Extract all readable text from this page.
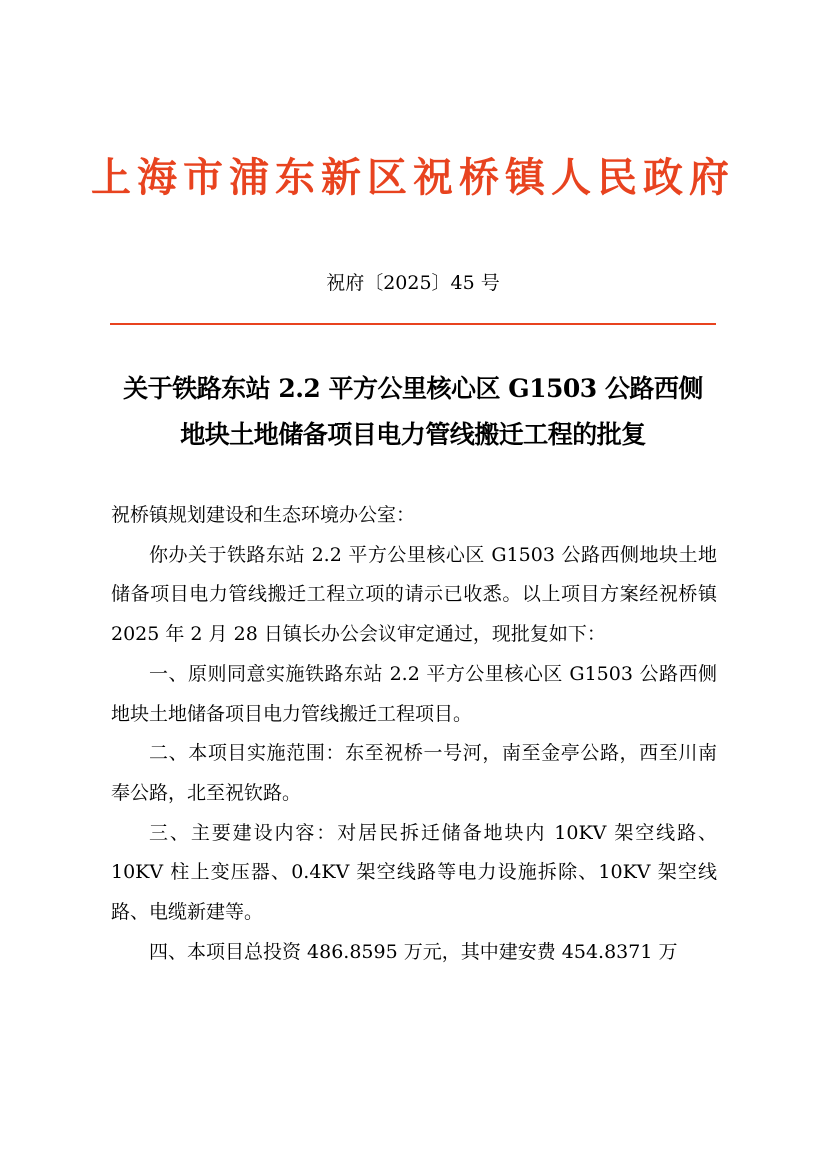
上海市浦东新区祝桥镇人民政府
祝府〔2025〕45 号
关于铁路东站 2.2 平方公里核心区 G1503 公路西侧
地块土地储备项目电力管线搬迁工程的批复

祝桥镇规划建设和生态环境办公室：

你办关于铁路东站 2.2 平方公里核心区 G1503 公路西侧地块土地储备项目电力管线搬迁工程立项的请示已收悉。以上项目方案经祝桥镇 2025 年 2 月 28 日镇长办公会议审定通过，现批复如下：

一、原则同意实施铁路东站 2.2 平方公里核心区 G1503 公路西侧地块土地储备项目电力管线搬迁工程项目。

二、本项目实施范围：东至祝桥一号河，南至金亭公路，西至川南奉公路，北至祝钦路。

三、主要建设内容：对居民拆迁储备地块内 10KV 架空线路、10KV 柱上变压器、0.4KV 架空线路等电力设施拆除、10KV 架空线路、电缆新建等。

四、本项目总投资 486.8595 万元，其中建安费 454.8371 万
